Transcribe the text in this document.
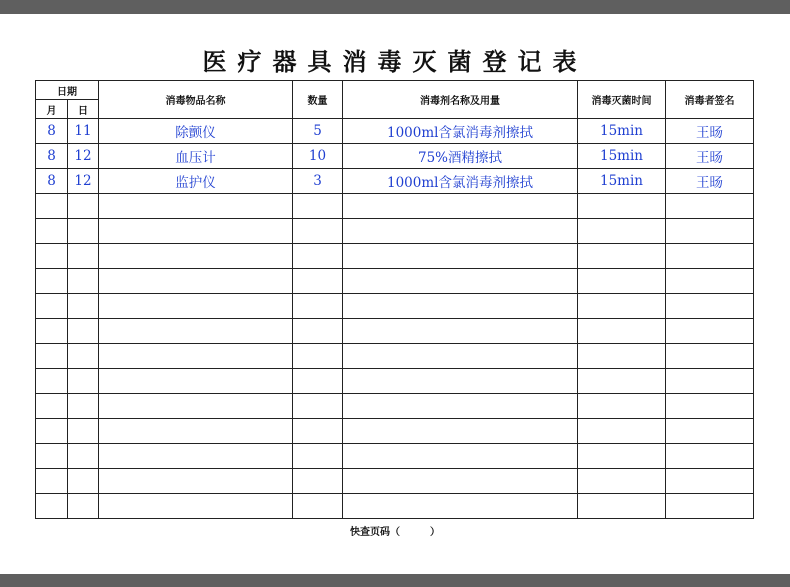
医疗器具消毒灭菌登记表
日期		消毒物品名称	数量	消毒剂名称及用量	消毒灭菌时间	消毒者签名
月	日					
8	11	除颤仪	5	1000ml含氯消毒剂擦拭	15min	王旸
8	12	血压计	10	75%酒精擦拭	15min	王旸
8	12	监护仪	3	1000ml含氯消毒剂擦拭	15min	王旸

快查页码（	）
